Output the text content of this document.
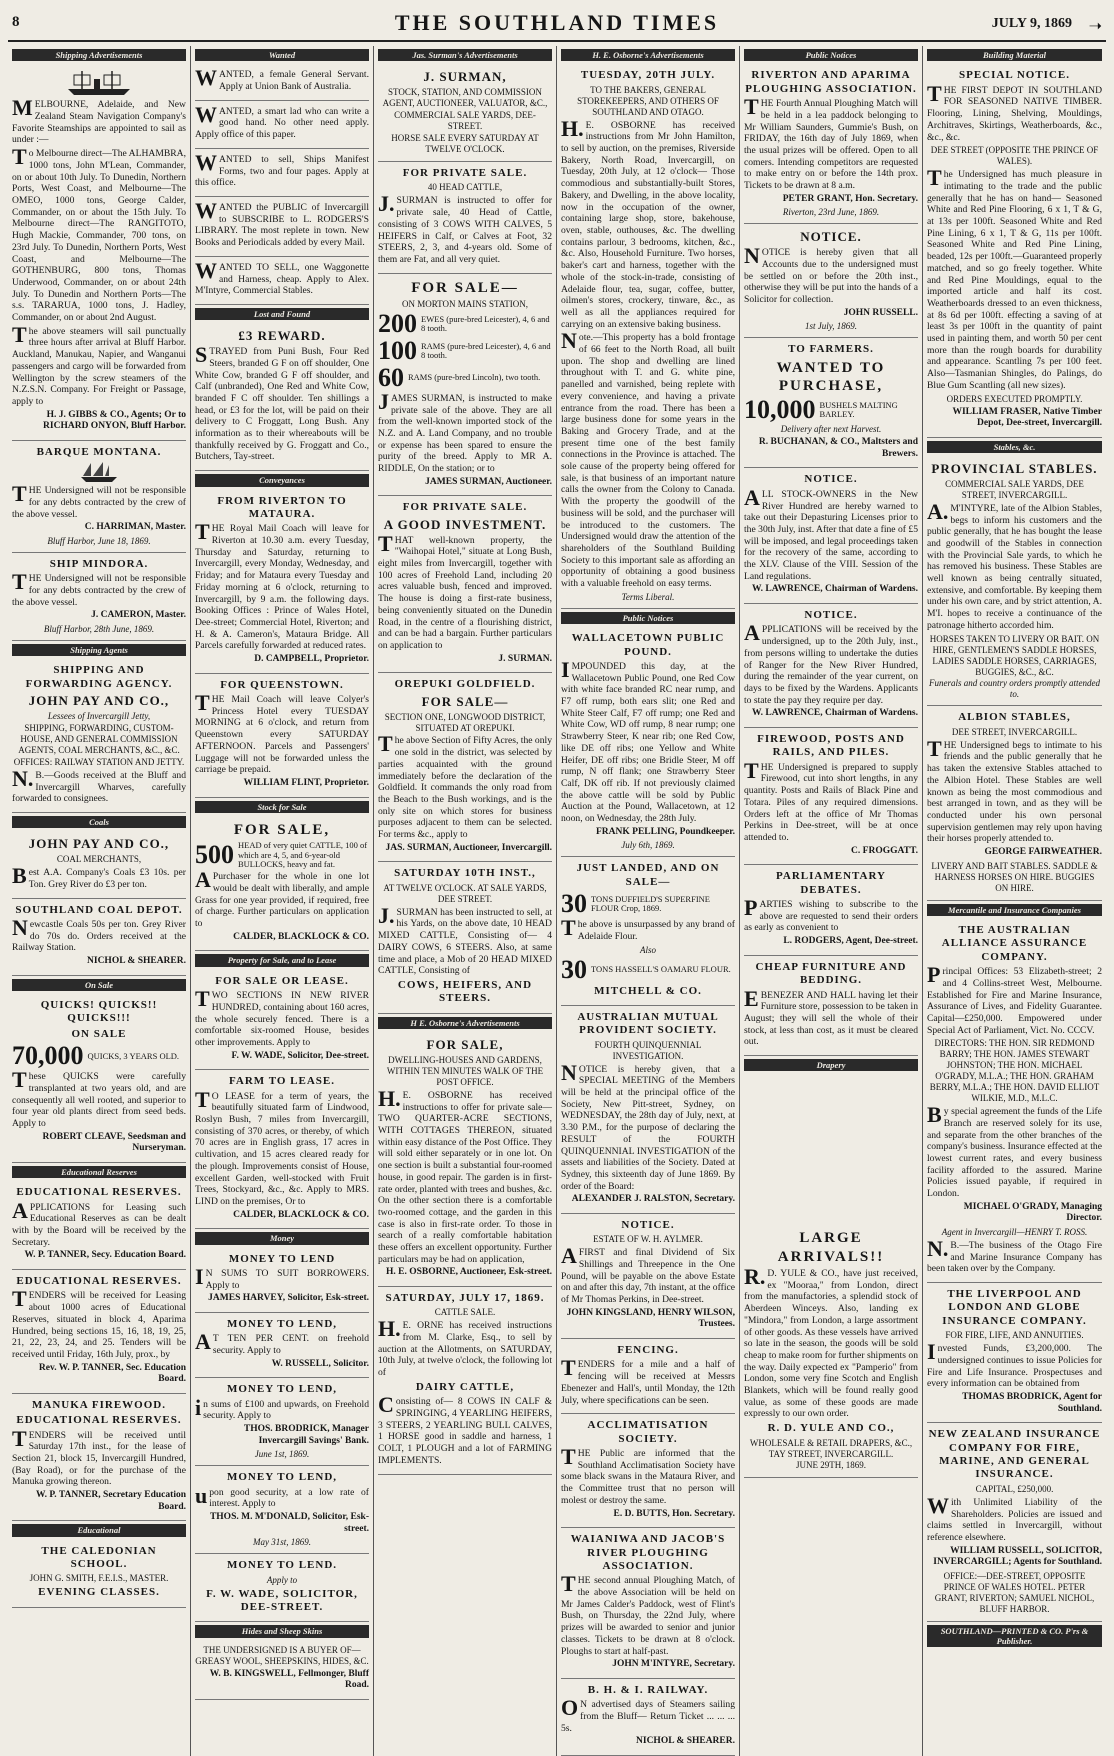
8	THE SOUTHLAND TIMES	JULY 9, 1869 ➝
Shipping Advertisements
MELBOURNE, Adelaide, and New Zealand Steam Navigation Company's Favorite Steamships are appointed to sail as under :—
To Melbourne direct—The ALHAMBRA, 1000 tons, John M'Lean, Commander, on or about 10th July. To Dunedin, Northern Ports, West Coast, and Melbourne—The OMEO, 1000 tons, George Calder, Commander, on or about the 15th July. To Melbourne direct—The RANGITOTO, Hugh Mackie, Commander, 700 tons, on 23rd July. To Dunedin, Northern Ports, West Coast, and Melbourne—The GOTHENBURG, 800 tons, Thomas Underwood, Commander, on or about 24th July. To Dunedin and Northern Ports—The s.s. TARARUA, 1000 tons, J. Hadley, Commander, on or about 2nd August.
The above steamers will sail punctually three hours after arrival at Bluff Harbor. Auckland, Manukau, Napier, and Wanganui passengers and cargo will be forwarded from Wellington by the screw steamers of the N.Z.S.N. Company. For Freight or Passage, apply to
H. J. GIBBS & CO., Agents; Or to RICHARD ONYON, Bluff Harbor.
BARQUE MONTANA.
THE Undersigned will not be responsible for any debts contracted by the crew of the above vessel.
C. HARRIMAN, Master.
Bluff Harbor, June 18, 1869.
SHIP MINDORA.
THE Undersigned will not be responsible for any debts contracted by the crew of the above vessel.
J. CAMERON, Master.
Bluff Harbor, 28th June, 1869.
Shipping Agents
SHIPPING AND FORWARDING AGENCY.
JOHN PAY AND CO.,
Lessees of Invercargill Jetty,
SHIPPING, FORWARDING, CUSTOM-HOUSE, AND GENERAL COMMISSION AGENTS, COAL MERCHANTS, &C., &C.
OFFICES: RAILWAY STATION AND JETTY.
N.B.—Goods received at the Bluff and Invercargill Wharves, carefully forwarded to consignees.
Coals
JOHN PAY AND CO.,
COAL MERCHANTS,
Best A.A. Company's Coals £3 10s. per Ton. Grey River do £3 per ton.
SOUTHLAND COAL DEPOT.
Newcastle Coals 50s per ton. Grey River do 70s do. Orders received at the Railway Station.
NICHOL & SHEARER.
On Sale
QUICKS! QUICKS!! QUICKS!!!
ON SALE
70,000 QUICKS, 3 YEARS OLD.
These QUICKS were carefully transplanted at two years old, and are consequently all well rooted, and superior to four year old plants direct from seed beds. Apply to
ROBERT CLEAVE, Seedsman and Nurseryman.
Educational Reserves
EDUCATIONAL RESERVES.
APPLICATIONS for Leasing such Educational Reserves as can be dealt with by the Board will be received by the Secretary.
W. P. TANNER, Secy. Education Board.
EDUCATIONAL RESERVES.
TENDERS will be received for Leasing about 1000 acres of Educational Reserves, situated in block 4, Aparima Hundred, being sections 15, 16, 18, 19, 25, 21, 22, 23, 24, and 25. Tenders will be received until Friday, 16th July, prox., by
Rev. W. P. TANNER, Sec. Education Board.
MANUKA FIREWOOD.
EDUCATIONAL RESERVES.
TENDERS will be received until Saturday 17th inst., for the lease of Section 21, block 15, Invercargill Hundred, (Bay Road), or for the purchase of the Manuka growing thereon.
W. P. TANNER, Secretary Education Board.
Educational
THE CALEDONIAN SCHOOL.
JOHN G. SMITH, F.E.I.S., MASTER.
EVENING CLASSES.
Wanted
WANTED, a female General Servant. Apply at Union Bank of Australia.
WANTED, a smart lad who can write a good hand. No other need apply. Apply office of this paper.
WANTED to sell, Ships Manifest Forms, two and four pages. Apply at this office.
WANTED the PUBLIC of Invercargill to SUBSCRIBE to L. RODGERS'S LIBRARY. The most replete in town. New Books and Periodicals added by every Mail.
WANTED TO SELL, one Waggonette and Harness, cheap. Apply to Alex. M'Intyre, Commercial Stables.
Lost and Found
£3 REWARD.
STRAYED from Puni Bush, Four Red Steers, branded G F on off shoulder, One White Cow, branded G F off shoulder, and Calf (unbranded), One Red and White Cow, branded F C off shoulder. Ten shillings a head, or £3 for the lot, will be paid on their delivery to C Froggatt, Long Bush. Any information as to their whereabouts will be thankfully received by G. Froggatt and Co., Butchers, Tay-street.
Conveyances
FROM RIVERTON TO MATAURA.
THE Royal Mail Coach will leave for Riverton at 10.30 a.m. every Tuesday, Thursday and Saturday, returning to Invercargill, every Monday, Wednesday, and Friday; and for Mataura every Tuesday and Friday morning at 6 o'clock, returning to Invercargill, by 9 a.m. the following days. Booking Offices : Prince of Wales Hotel, Dee-street; Commercial Hotel, Riverton; and H. & A. Cameron's, Mataura Bridge. All Parcels carefully forwarded at reduced rates.
D. CAMPBELL, Proprietor.
FOR QUEENSTOWN.
THE Mail Coach will leave Colyer's Princess Hotel every TUESDAY MORNING at 6 o'clock, and return from Queenstown every SATURDAY AFTERNOON. Parcels and Passengers' Luggage will not be forwarded unless the carriage be prepaid.
WILLIAM FLINT, Proprietor.
Stock for Sale
FOR SALE,
500 HEAD of very quiet CATTLE, 100 of which are 4, 5, and 6-year-old BULLOCKS, heavy and fat.
APurchaser for the whole in one lot would be dealt with liberally, and ample Grass for one year provided, if required, free of charge. Further particulars on application to
CALDER, BLACKLOCK & CO.
Property for Sale, and to Lease
FOR SALE OR LEASE.
TWO SECTIONS IN NEW RIVER HUNDRED, containing about 160 acres, the whole securely fenced. There is a comfortable six-roomed House, besides other improvements. Apply to
F. W. WADE, Solicitor, Dee-street.
FARM TO LEASE.
TO LEASE for a term of years, the beautifully situated farm of Lindwood, Roslyn Bush, 7 miles from Invercargill, consisting of 370 acres, or thereby, of which 70 acres are in English grass, 17 acres in cultivation, and 15 acres cleared ready for the plough. Improvements consist of House, excellent Garden, well-stocked with Fruit Trees, Stockyard, &c., &c. Apply to MRS. LIND on the premises, Or to
CALDER, BLACKLOCK & CO.
Money
MONEY TO LEND
IN SUMS TO SUIT BORROWERS. Apply to
JAMES HARVEY, Solicitor, Esk-street.
MONEY TO LEND,
AT TEN PER CENT. on freehold security. Apply to
W. RUSSELL, Solicitor.
MONEY TO LEND,
in sums of £100 and upwards, on Freehold security. Apply to
THOS. BRODRICK, Manager Invercargill Savings' Bank.
June 1st, 1869.
MONEY TO LEND,
upon good security, at a low rate of interest. Apply to
THOS. M. M'DONALD, Solicitor, Esk-street.
May 31st, 1869.
MONEY TO LEND.
Apply to
F. W. WADE, SOLICITOR, DEE-STREET.
Hides and Sheep Skins
THE UNDERSIGNED IS A BUYER OF— GREASY WOOL, SHEEPSKINS, HIDES, &C.
W. B. KINGSWELL, Fellmonger, Bluff Road.
Jas. Surman's Advertisements
J. SURMAN,
STOCK, STATION, AND COMMISSION AGENT, AUCTIONEER, VALUATOR, &C.,
COMMERCIAL SALE YARDS, DEE-STREET.
HORSE SALE EVERY SATURDAY AT TWELVE O'CLOCK.
FOR PRIVATE SALE.
40 HEAD CATTLE,
J.SURMAN is instructed to offer for private sale, 40 Head of Cattle, consisting of 3 COWS WITH CALVES, 5 HEIFERS in Calf, or Calves at Foot, 32 STEERS, 2, 3, and 4-years old. Some of them are Fat, and all very quiet.
FOR SALE—
ON MORTON MAINS STATION,
200 EWES (pure-bred Leicester), 4, 6 and 8 tooth.
100 RAMS (pure-bred Leicester), 4, 6 and 8 tooth.
60 RAMS (pure-bred Lincoln), two tooth.
JAMES SURMAN, is instructed to make private sale of the above. They are all from the well-known imported stock of the N.Z. and A. Land Company, and no trouble or expense has been spared to ensure the purity of the breed. Apply to MR A. RIDDLE, On the station; or to
JAMES SURMAN, Auctioneer.
FOR PRIVATE SALE.
A GOOD INVESTMENT.
THAT well-known property, the "Waihopai Hotel," situate at Long Bush, eight miles from Invercargill, together with 100 acres of Freehold Land, including 20 acres valuable bush, fenced and improved. The house is doing a first-rate business, being conveniently situated on the Dunedin Road, in the centre of a flourishing district, and can be had a bargain. Further particulars on application to
J. SURMAN.
OREPUKI GOLDFIELD.
FOR SALE—
SECTION ONE, LONGWOOD DISTRICT, SITUATED AT OREPUKI.
The above Section of Fifty Acres, the only one sold in the district, was selected by parties acquainted with the ground immediately before the declaration of the Goldfield. It commands the only road from the Beach to the Bush workings, and is the only site on which stores for business purposes adjacent to them can be selected. For terms &c., apply to
JAS. SURMAN, Auctioneer, Invercargill.
SATURDAY 10TH INST.,
AT TWELVE O'CLOCK. AT SALE YARDS, DEE STREET.
J.SURMAN has been instructed to sell, at his Yards, on the above date, 10 HEAD MIXED CATTLE, Consisting of— 4 DAIRY COWS, 6 STEERS. Also, at same time and place, a Mob of 20 HEAD MIXED CATTLE, Consisting of
COWS, HEIFERS, AND STEERS.
H E. Osborne's Advertisements
FOR SALE,
DWELLING-HOUSES AND GARDENS, WITHIN TEN MINUTES WALK OF THE POST OFFICE.
H.E. OSBORNE has received instructions to offer for private sale— TWO QUARTER-ACRE SECTIONS, WITH COTTAGES THEREON, situated within easy distance of the Post Office. They will sold either separately or in one lot. On one section is built a substantial four-roomed house, in good repair. The garden is in first-rate order, planted with trees and bushes, &c. On the other section there is a comfortable two-roomed cottage, and the garden in this case is also in first-rate order. To those in search of a really comfortable habitation these offers an excellent opportunity. Further particulars may be had on application,
H. E. OSBORNE, Auctioneer, Esk-street.
SATURDAY, JULY 17, 1869.
CATTLE SALE.
H.E. ORNE has received instructions from M. Clarke, Esq., to sell by auction at the Allotments, on SATURDAY, 10th July, at twelve o'clock, the following lot of
DAIRY CATTLE,
Consisting of— 8 COWS IN CALF & SPRINGING, 4 YEARLING HEIFERS, 3 STEERS, 2 YEARLING BULL CALVES, 1 HORSE good in saddle and harness, 1 COLT, 1 PLOUGH and a lot of FARMING IMPLEMENTS.
H. E. Osborne's Advertisements
TUESDAY, 20TH JULY.
TO THE BAKERS, GENERAL STOREKEEPERS, AND OTHERS OF SOUTHLAND AND OTAGO.
H.E. OSBORNE has received instructions from Mr John Hamilton, to sell by auction, on the premises, Riverside Bakery, North Road, Invercargill, on Tuesday, 20th July, at 12 o'clock— Those commodious and substantially-built Stores, Bakery, and Dwelling, in the above locality, now in the occupation of the owner, containing large shop, store, bakehouse, oven, stable, outhouses, &c. The dwelling contains parlour, 3 bedrooms, kitchen, &c., &c. Also, Household Furniture. Two horses, baker's cart and harness, together with the whole of the stock-in-trade, consisting of Adelaide flour, tea, sugar, coffee, butter, oilmen's stores, crockery, tinware, &c., as well as all the appliances required for carrying on an extensive baking business.
Note.—This property has a bold frontage of 66 feet to the North Road, all built upon. The shop and dwelling are lined throughout with T. and G. white pine, panelled and varnished, being replete with every convenience, and having a private entrance from the road. There has been a large business done for some years in the Baking and Grocery Trade, and at the present time one of the best family connections in the Province is attached. The sole cause of the property being offered for sale, is that business of an important nature calls the owner from the Colony to Canada. With the property the goodwill of the business will be sold, and the purchaser will be introduced to the customers. The Undersigned would draw the attention of the shareholders of the Southland Building Society to this important sale as affording an opportunity of obtaining a good business with a valuable freehold on easy terms.
Terms Liberal.
Public Notices
WALLACETOWN PUBLIC POUND.
IMPOUNDED this day, at the Wallacetown Public Pound, one Red Cow with white face branded RC near rump, and F7 off rump, both ears slit; one Red and White Steer Calf, F7 off rump; one Red and White Cow, WD off rump, 8 near rump; one Strawberry Steer, K near rib; one Red Cow, like DE off ribs; one Yellow and White Heifer, DE off ribs; one Bridle Steer, M off rump, N off flank; one Strawberry Steer Calf, DK off rib. If not previously claimed the above cattle will be sold by Public Auction at the Pound, Wallacetown, at 12 noon, on Wednesday, the 28th July.
FRANK PELLING, Poundkeeper.
July 6th, 1869.
JUST LANDED, AND ON SALE—
30 TONS DUFFIELD'S SUPERFINE FLOUR Crop, 1869.
The above is unsurpassed by any brand of Adelaide Flour.
Also
30 TONS HASSELL'S OAMARU FLOUR.
MITCHELL & CO.
AUSTRALIAN MUTUAL PROVIDENT SOCIETY.
FOURTH QUINQUENNIAL INVESTIGATION.
NOTICE is hereby given, that a SPECIAL MEETING of the Members will be held at the principal office of the Society, New Pitt-street, Sydney, on WEDNESDAY, the 28th day of July, next, at 3.30 P.M., for the purpose of declaring the RESULT of the FOURTH QUINQUENNIAL INVESTIGATION of the assets and liabilities of the Society. Dated at Sydney, this sixteenth day of June 1869. By order of the Board:
ALEXANDER J. RALSTON, Secretary.
NOTICE.
ESTATE OF W. H. AYLMER.
AFIRST and final Dividend of Six Shillings and Threepence in the One Pound, will be payable on the above Estate on and after this day, 7th instant, at the office of Mr Thomas Perkins, in Dee-street.
JOHN KINGSLAND, HENRY WILSON, Trustees.
FENCING.
TENDERS for a mile and a half of fencing will be received at Messrs Ebenezer and Hall's, until Monday, the 12th July, where specifications can be seen.
ACCLIMATISATION SOCIETY.
THE Public are informed that the Southland Acclimatisation Society have some black swans in the Mataura River, and the Committee trust that no person will molest or destroy the same.
E. D. BUTTS, Hon. Secretary.
WAIANIWA AND JACOB'S RIVER PLOUGHING ASSOCIATION.
THE second annual Ploughing Match, of the above Association will be held on Mr James Calder's Paddock, west of Flint's Bush, on Thursday, the 22nd July, where prizes will be awarded to senior and junior classes. Tickets to be drawn at 8 o'clock. Ploughs to start at half-past.
JOHN M'INTYRE, Secretary.
B. H. & I. RAILWAY.
ON advertised days of Steamers sailing from the Bluff— Return Ticket ... ... ... 5s.
NICHOL & SHEARER.
Public Notices
RIVERTON AND APARIMA PLOUGHING ASSOCIATION.
THE Fourth Annual Ploughing Match will be held in a lea paddock belonging to Mr William Saunders, Gummie's Bush, on FRIDAY, the 16th day of July 1869, when the usual prizes will be offered. Open to all comers. Intending competitors are requested to make entry on or before the 14th prox. Tickets to be drawn at 8 a.m.
PETER GRANT, Hon. Secretary.
Riverton, 23rd June, 1869.
NOTICE.
NOTICE is hereby given that all Accounts due to the undersigned must be settled on or before the 20th inst., otherwise they will be put into the hands of a Solicitor for collection.
JOHN RUSSELL.
1st July, 1869.
TO FARMERS.
WANTED TO PURCHASE,
10,000 BUSHELS MALTING BARLEY.
Delivery after next Harvest.
R. BUCHANAN, & CO., Maltsters and Brewers.
NOTICE.
ALL STOCK-OWNERS in the New River Hundred are hereby warned to take out their Depasturing Licenses prior to the 30th July, inst. After that date a fine of £5 will be imposed, and legal proceedings taken for the recovery of the same, according to the XLV. Clause of the VIII. Session of the Land regulations.
W. LAWRENCE, Chairman of Wardens.
NOTICE.
APPLICATIONS will be received by the undersigned, up to the 20th July, inst., from persons willing to undertake the duties of Ranger for the New River Hundred, during the remainder of the year current, on days to be fixed by the Wardens. Applicants to state the pay they require per day.
W. LAWRENCE, Chairman of Wardens.
FIREWOOD, POSTS AND RAILS, AND PILES.
THE Undersigned is prepared to supply Firewood, cut into short lengths, in any quantity. Posts and Rails of Black Pine and Totara. Piles of any required dimensions. Orders left at the office of Mr Thomas Perkins in Dee-street, will be at once attended to.
C. FROGGATT.
PARLIAMENTARY DEBATES.
PARTIES wishing to subscribe to the above are requested to send their orders as early as convenient to
L. RODGERS, Agent, Dee-street.
CHEAP FURNITURE AND BEDDING.
EBENEZER AND HALL having let their Furniture store, possession to be taken in August; they will sell the whole of their stock, at less than cost, as it must be cleared out.
Drapery
LARGE ARRIVALS!!
R.D. YULE & CO., have just received, ex "Mooraa," from London, direct from the manufactories, a splendid stock of Aberdeen Winceys. Also, landing ex "Mindora," from London, a large assortment of other goods. As these vessels have arrived so late in the season, the goods will be sold cheap to make room for further shipments on the way. Daily expected ex "Pamperio" from London, some very fine Scotch and English Blankets, which will be found really good value, as some of these goods are made expressly to our own order.
R. D. YULE AND CO.,
WHOLESALE & RETAIL DRAPERS, &C., TAY STREET, INVERCARGILL.
JUNE 29TH, 1869.
Building Material
SPECIAL NOTICE.
THE FIRST DEPOT IN SOUTHLAND FOR SEASONED NATIVE TIMBER. Flooring, Lining, Shelving, Mouldings, Architraves, Skirtings, Weatherboards, &c., &c., &c.
DEE STREET (OPPOSITE THE PRINCE OF WALES).
The Undersigned has much pleasure in intimating to the trade and the public generally that he has on hand— Seasoned White and Red Pine Flooring, 6 x 1, T & G, at 13s per 100ft. Seasoned White and Red Pine Lining, 6 x 1, T & G, 11s per 100ft. Seasoned White and Red Pine Lining, beaded, 12s per 100ft.—Guaranteed properly matched, and so go freely together. White and Red Pine Mouldings, equal to the imported article and half its cost. Weatherboards dressed to an even thickness, at 8s 6d per 100ft. effecting a saving of at least 3s per 100ft in the quantity of paint used in painting them, and worth 50 per cent more than the rough boards for durability and appearance. Scantling 7s per 100 feet. Also—Tasmanian Shingles, do Palings, do Blue Gum Scantling (all new sizes).
ORDERS EXECUTED PROMPTLY.
WILLIAM FRASER, Native Timber Depot, Dee-street, Invercargill.
Stables, &c.
PROVINCIAL STABLES.
COMMERCIAL SALE YARDS, DEE STREET, INVERCARGILL.
A.M'INTYRE, late of the Albion Stables, begs to inform his customers and the public generally, that he has bought the lease and goodwill of the Stables in connection with the Provincial Sale yards, to which he has removed his business. These Stables are well known as being centrally situated, extensive, and comfortable. By keeping them under his own care, and by strict attention, A. M'I. hopes to receive a continuance of the patronage hitherto accorded him.
HORSES TAKEN TO LIVERY OR BAIT. ON HIRE, GENTLEMEN'S SADDLE HORSES, LADIES SADDLE HORSES, CARRIAGES, BUGGIES, &C., &C.
Funerals and country orders promptly attended to.
ALBION STABLES,
DEE STREET, INVERCARGILL.
THE Undersigned begs to intimate to his friends and the public generally that he has taken the extensive Stables attached to the Albion Hotel. These Stables are well known as being the most commodious and best arranged in town, and as they will be conducted under his own personal supervision gentlemen may rely upon having their horses properly attended to.
GEORGE FAIRWEATHER.
LIVERY AND BAIT STABLES. SADDLE & HARNESS HORSES ON HIRE. BUGGIES ON HIRE.
Mercantile and Insurance Companies
THE AUSTRALIAN ALLIANCE ASSURANCE COMPANY.
Principal Offices: 53 Elizabeth-street; 2 and 4 Collins-street West, Melbourne. Established for Fire and Marine Insurance, Assurance of Lives, and Fidelity Guarantee. Capital—£250,000. Empowered under Special Act of Parliament, Vict. No. CCCV.
DIRECTORS: THE HON. SIR REDMOND BARRY; THE HON. JAMES STEWART JOHNSTON; THE HON. MICHAEL O'GRADY, M.L.A.; THE HON. GRAHAM BERRY, M.L.A.; THE HON. DAVID ELLIOT WILKIE, M.D., M.L.C.
By special agreement the funds of the Life Branch are reserved solely for its use, and separate from the other branches of the company's business. Insurance effected at the lowest current rates, and every business facility afforded to the assured. Marine Policies issued payable, if required in London.
MICHAEL O'GRADY, Managing Director.
Agent in Invercargill—HENRY T. ROSS.
N.B.—The business of the Otago Fire and Marine Insurance Company has been taken over by the Company.
THE LIVERPOOL AND LONDON AND GLOBE INSURANCE COMPANY.
FOR FIRE, LIFE, AND ANNUITIES.
Invested Funds, £3,200,000. The undersigned continues to issue Policies for Fire and Life Insurance. Prospectuses and every information can be obtained from
THOMAS BRODRICK, Agent for Southland.
NEW ZEALAND INSURANCE COMPANY FOR FIRE, MARINE, AND GENERAL INSURANCE.
CAPITAL, £250,000.
With Unlimited Liability of the Shareholders. Policies are issued and claims settled in Invercargill, without reference elsewhere.
WILLIAM RUSSELL, SOLICITOR, INVERCARGILL; Agents for Southland.
OFFICE:—DEE-STREET, OPPOSITE PRINCE OF WALES HOTEL. PETER GRANT, RIVERTON; SAMUEL NICHOL, BLUFF HARBOR.
SOUTHLAND—PRINTED & CO. P'rs & Publisher.
